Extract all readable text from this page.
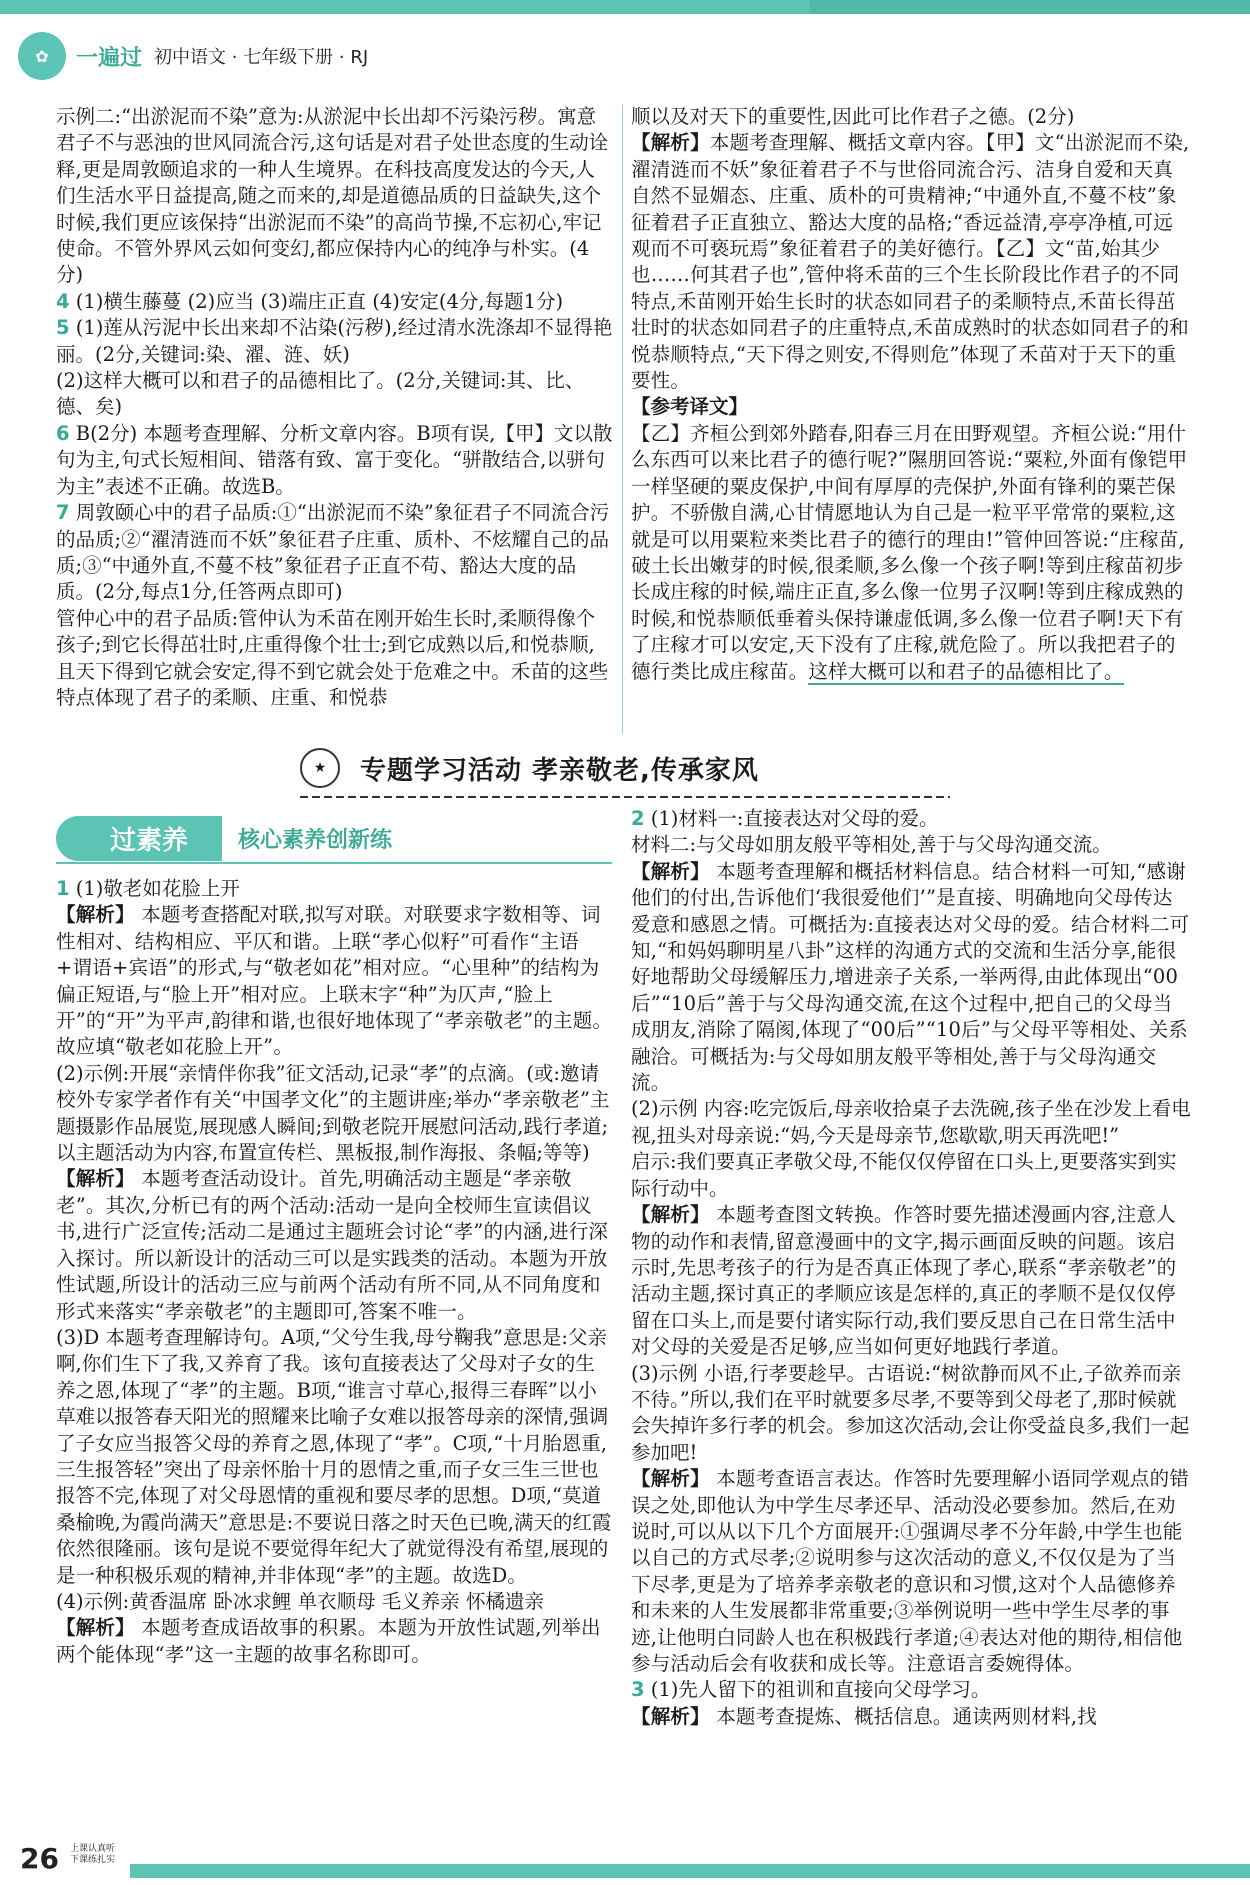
✿	一遍过 初中语文 · 七年级下册 · RJ

示例二:“出淤泥而不染”意为:从淤泥中长出却不污染污秽。寓意君子不与恶浊的世风同流合污,这句话是对君子处世态度的生动诠释,更是周敦颐追求的一种人生境界。在科技高度发达的今天,人们生活水平日益提高,随之而来的,却是道德品质的日益缺失,这个时候,我们更应该保持“出淤泥而不染”的高尚节操,不忘初心,牢记使命。不管外界风云如何变幻,都应保持内心的纯净与朴实。(4分)

4 (1)横生藤蔓 (2)应当 (3)端庄正直 (4)安定(4分,每题1分)

5 (1)莲从污泥中长出来却不沾染(污秽),经过清水洗涤却不显得艳丽。(2分,关键词:染、濯、涟、妖)

(2)这样大概可以和君子的品德相比了。(2分,关键词:其、比、德、矣)

6 B(2分) 本题考查理解、分析文章内容。B项有误,【甲】文以散句为主,句式长短相间、错落有致、富于变化。“骈散结合,以骈句为主”表述不正确。故选B。

7 周敦颐心中的君子品质:①“出淤泥而不染”象征君子不同流合污的品质;②“濯清涟而不妖”象征君子庄重、质朴、不炫耀自己的品质;③“中通外直,不蔓不枝”象征君子正直不苟、豁达大度的品质。(2分,每点1分,任答两点即可)

管仲心中的君子品质:管仲认为禾苗在刚开始生长时,柔顺得像个孩子;到它长得茁壮时,庄重得像个壮士;到它成熟以后,和悦恭顺,且天下得到它就会安定,得不到它就会处于危难之中。禾苗的这些特点体现了君子的柔顺、庄重、和悦恭

顺以及对天下的重要性,因此可比作君子之德。(2分)

【解析】本题考查理解、概括文章内容。【甲】文“出淤泥而不染,濯清涟而不妖”象征着君子不与世俗同流合污、洁身自爱和天真自然不显媚态、庄重、质朴的可贵精神;“中通外直,不蔓不枝”象征着君子正直独立、豁达大度的品格;“香远益清,亭亭净植,可远观而不可亵玩焉”象征着君子的美好德行。【乙】文“苗,始其少也……何其君子也”,管仲将禾苗的三个生长阶段比作君子的不同特点,禾苗刚开始生长时的状态如同君子的柔顺特点,禾苗长得茁壮时的状态如同君子的庄重特点,禾苗成熟时的状态如同君子的和悦恭顺特点,“天下得之则安,不得则危”体现了禾苗对于天下的重要性。

【参考译文】

【乙】齐桓公到郊外踏春,阳春三月在田野观望。齐桓公说:“用什么东西可以来比君子的德行呢?”隰朋回答说:“粟粒,外面有像铠甲一样坚硬的粟皮保护,中间有厚厚的壳保护,外面有锋利的粟芒保护。不骄傲自满,心甘情愿地认为自己是一粒平平常常的粟粒,这就是可以用粟粒来类比君子的德行的理由!”管仲回答说:“庄稼苗,破土长出嫩芽的时候,很柔顺,多么像一个孩子啊!等到庄稼苗初步长成庄稼的时候,端庄正直,多么像一位男子汉啊!等到庄稼成熟的时候,和悦恭顺低垂着头保持谦虚低调,多么像一位君子啊!天下有了庄稼才可以安定,天下没有了庄稼,就危险了。所以我把君子的德行类比成庄稼苗。这样大概可以和君子的品德相比了。

★	专题学习活动 孝亲敬老,传承家风
过素养	核心素养创新练

1 (1)敬老如花脸上开

【解析】 本题考查搭配对联,拟写对联。对联要求字数相等、词性相对、结构相应、平仄和谐。上联“孝心似籽”可看作“主语+谓语+宾语”的形式,与“敬老如花”相对应。“心里种”的结构为偏正短语,与“脸上开”相对应。上联末字“种”为仄声,“脸上开”的“开”为平声,韵律和谐,也很好地体现了“孝亲敬老”的主题。故应填“敬老如花脸上开”。

(2)示例:开展“亲情伴你我”征文活动,记录“孝”的点滴。(或:邀请校外专家学者作有关“中国孝文化”的主题讲座;举办“孝亲敬老”主题摄影作品展览,展现感人瞬间;到敬老院开展慰问活动,践行孝道;以主题活动为内容,布置宣传栏、黑板报,制作海报、条幅;等等)

【解析】 本题考查活动设计。首先,明确活动主题是“孝亲敬老”。其次,分析已有的两个活动:活动一是向全校师生宣读倡议书,进行广泛宣传;活动二是通过主题班会讨论“孝”的内涵,进行深入探讨。所以新设计的活动三可以是实践类的活动。本题为开放性试题,所设计的活动三应与前两个活动有所不同,从不同角度和形式来落实“孝亲敬老”的主题即可,答案不唯一。

(3)D 本题考查理解诗句。A项,“父兮生我,母兮鞠我”意思是:父亲啊,你们生下了我,又养育了我。该句直接表达了父母对子女的生养之恩,体现了“孝”的主题。B项,“谁言寸草心,报得三春晖”以小草难以报答春天阳光的照耀来比喻子女难以报答母亲的深情,强调了子女应当报答父母的养育之恩,体现了“孝”。C项,“十月胎恩重,三生报答轻”突出了母亲怀胎十月的恩情之重,而子女三生三世也报答不完,体现了对父母恩情的重视和要尽孝的思想。D项,“莫道桑榆晚,为霞尚满天”意思是:不要说日落之时天色已晚,满天的红霞依然很隆丽。该句是说不要觉得年纪大了就觉得没有希望,展现的是一种积极乐观的精神,并非体现“孝”的主题。故选D。

(4)示例:黄香温席 卧冰求鲤 单衣顺母 毛义养亲 怀橘遗亲

【解析】 本题考查成语故事的积累。本题为开放性试题,列举出两个能体现“孝”这一主题的故事名称即可。

2 (1)材料一:直接表达对父母的爱。

材料二:与父母如朋友般平等相处,善于与父母沟通交流。

【解析】 本题考查理解和概括材料信息。结合材料一可知,“感谢他们的付出,告诉他们‘我很爱他们’”是直接、明确地向父母传达爱意和感恩之情。可概括为:直接表达对父母的爱。结合材料二可知,“和妈妈聊明星八卦”这样的沟通方式的交流和生活分享,能很好地帮助父母缓解压力,增进亲子关系,一举两得,由此体现出“00后”“10后”善于与父母沟通交流,在这个过程中,把自己的父母当成朋友,消除了隔阂,体现了“00后”“10后”与父母平等相处、关系融洽。可概括为:与父母如朋友般平等相处,善于与父母沟通交流。

(2)示例 内容:吃完饭后,母亲收拾桌子去洗碗,孩子坐在沙发上看电视,扭头对母亲说:“妈,今天是母亲节,您歇歇,明天再洗吧!”

启示:我们要真正孝敬父母,不能仅仅停留在口头上,更要落实到实际行动中。

【解析】 本题考查图文转换。作答时要先描述漫画内容,注意人物的动作和表情,留意漫画中的文字,揭示画面反映的问题。该启示时,先思考孩子的行为是否真正体现了孝心,联系“孝亲敬老”的活动主题,探讨真正的孝顺应该是怎样的,真正的孝顺不是仅仅停留在口头上,而是要付诸实际行动,我们要反思自己在日常生活中对父母的关爱是否足够,应当如何更好地践行孝道。

(3)示例 小语,行孝要趁早。古语说:“树欲静而风不止,子欲养而亲不待。”所以,我们在平时就要多尽孝,不要等到父母老了,那时候就会失掉许多行孝的机会。参加这次活动,会让你受益良多,我们一起参加吧!

【解析】 本题考查语言表达。作答时先要理解小语同学观点的错误之处,即他认为中学生尽孝还早、活动没必要参加。然后,在劝说时,可以从以下几个方面展开:①强调尽孝不分年龄,中学生也能以自己的方式尽孝;②说明参与这次活动的意义,不仅仅是为了当下尽孝,更是为了培养孝亲敬老的意识和习惯,这对个人品德修养和未来的人生发展都非常重要;③举例说明一些中学生尽孝的事迹,让他明白同龄人也在积极践行孝道;④表达对他的期待,相信他参与活动后会有收获和成长等。注意语言委婉得体。

3 (1)先人留下的祖训和直接向父母学习。

【解析】 本题考查提炼、概括信息。通读两则材料,找

26 上课认真听
下课练扎实
